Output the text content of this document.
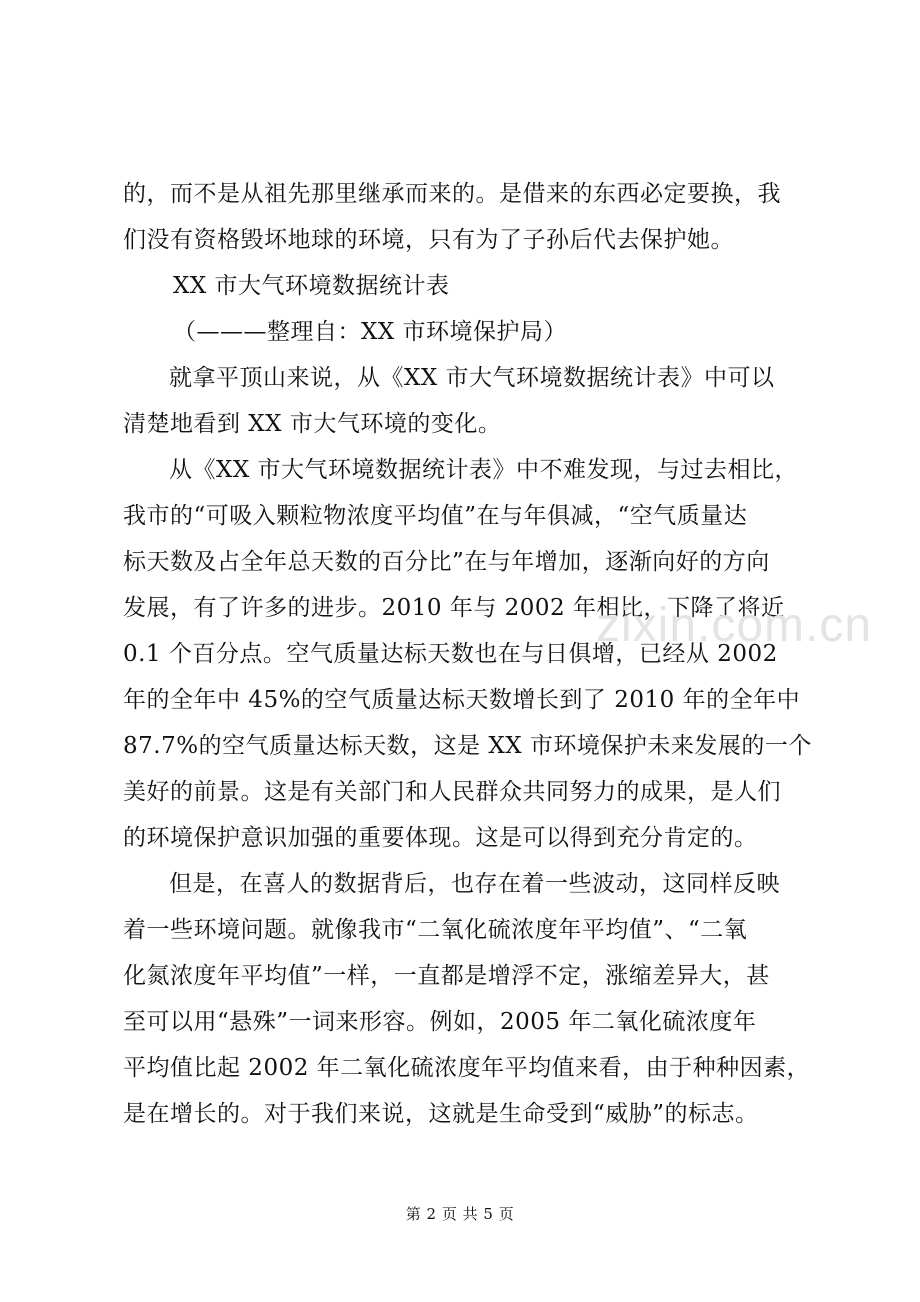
的，而不是从祖先那里继承而来的。是借来的东西必定要换，我
们没有资格毁坏地球的环境，只有为了子孙后代去保护她。
XX 市大气环境数据统计表
（———整理自：XX 市环境保护局）
就拿平顶山来说，从《XX 市大气环境数据统计表》中可以
清楚地看到 XX 市大气环境的变化。
从《XX 市大气环境数据统计表》中不难发现，与过去相比，
我市的“可吸入颗粒物浓度平均值”在与年俱减，“空气质量达
标天数及占全年总天数的百分比”在与年增加，逐渐向好的方向
发展，有了许多的进步。2010 年与 2002 年相比，下降了将近
0.1 个百分点。空气质量达标天数也在与日俱增，已经从 2002
年的全年中 45%的空气质量达标天数增长到了 2010 年的全年中
87.7%的空气质量达标天数，这是 XX 市环境保护未来发展的一个
美好的前景。这是有关部门和人民群众共同努力的成果，是人们
的环境保护意识加强的重要体现。这是可以得到充分肯定的。
但是，在喜人的数据背后，也存在着一些波动，这同样反映
着一些环境问题。就像我市“二氧化硫浓度年平均值”、“二氧
化氮浓度年平均值”一样，一直都是增浮不定，涨缩差异大，甚
至可以用“悬殊”一词来形容。例如，2005 年二氧化硫浓度年
平均值比起 2002 年二氧化硫浓度年平均值来看，由于种种因素，
是在增长的。对于我们来说，这就是生命受到“威胁”的标志。
zixin.com.cn
第 2 页 共 5 页
